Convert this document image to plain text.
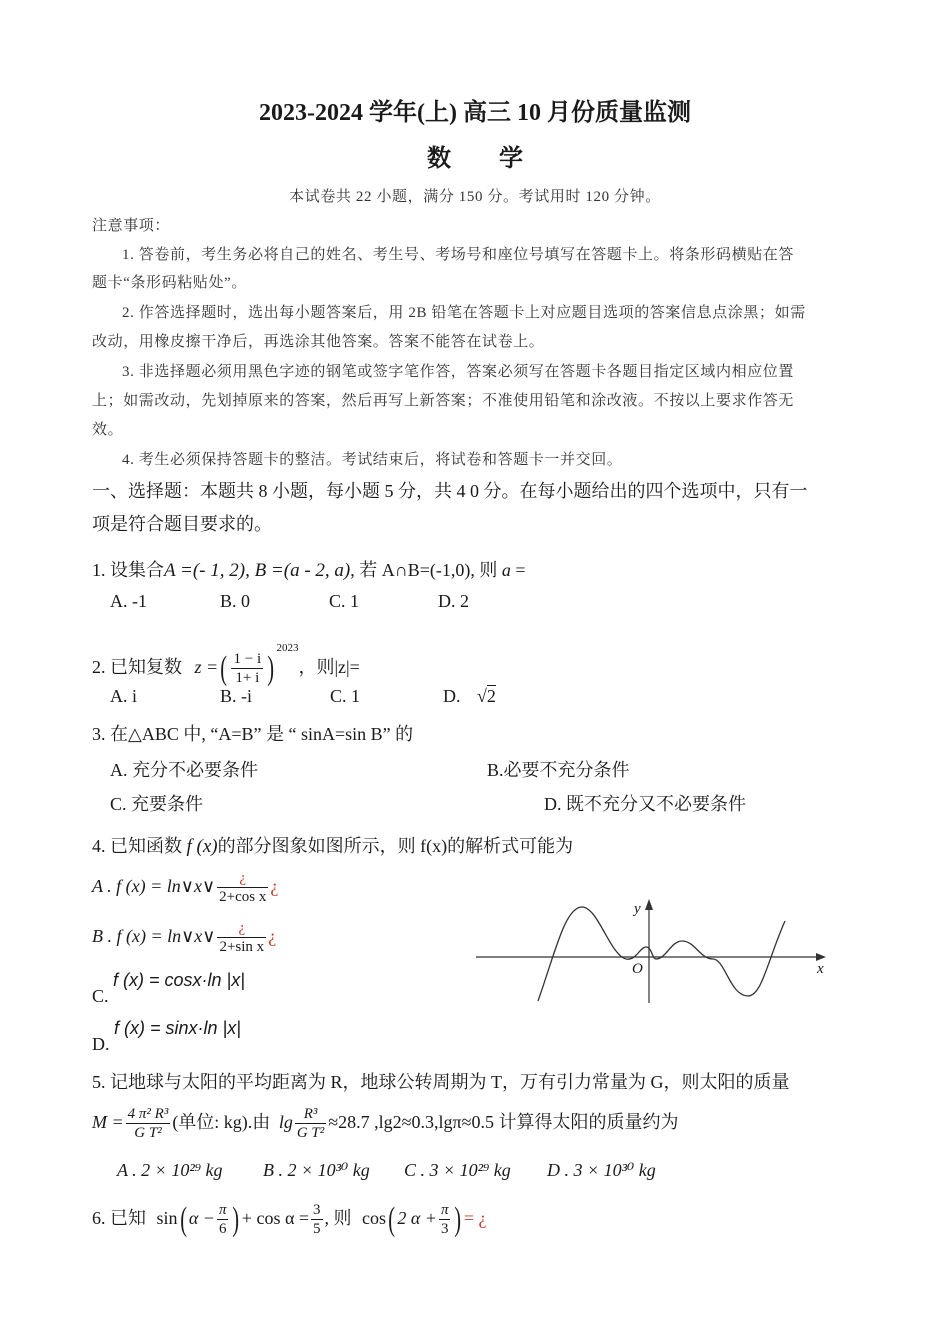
2023-2024 学年(上) 高三 10 月份质量监测
数　　学
本试卷共 22 小题，满分 150 分。考试用时 120 分钟。
注意事项：
1. 答卷前，考生务必将自己的姓名、考生号、考场号和座位号填写在答题卡上。将条形码横贴在答
题卡“条形码粘贴处”。
2. 作答选择题时，选出每小题答案后，用 2B 铅笔在答题卡上对应题目选项的答案信息点涂黑；如需
改动，用橡皮擦干净后，再选涂其他答案。答案不能答在试卷上。
3. 非选择题必须用黑色字迹的钢笔或签字笔作答，答案必须写在答题卡各题目指定区域内相应位置
上；如需改动，先划掉原来的答案，然后再写上新答案；不准使用铅笔和涂改液。不按以上要求作答无
效。
4. 考生必须保持答题卡的整洁。考试结束后，将试卷和答题卡一并交回。
一、选择题：本题共 8 小题，每小题 5 分，共 4 0 分。在每小题给出的四个选项中，只有一
项是符合题目要求的。
1. 设集合A =(- 1, 2), B =(a - 2, a), 若 A∩B=(-1,0), 则 a =
A. -1	B. 0	C. 1	D. 2
2. 已知复数 z =( $\frac{1 - i}{1+ i} )^{2023}$，则|z|=
A. i	B. -i	C. 1	D. √2
3. 在△ABC 中, “A=B” 是 “ sinA=sin B” 的
A. 充分不必要条件	B.必要不充分条件
C. 充要条件	D. 既不充分又不必要条件
4. 已知函数 f (x)的部分图象如图所示，则 f(x)的解析式可能为
A . f (x) = ln∨x∨ $\frac{¿}{\text{2+cos x}}$ ¿
B . f (x) = ln∨x∨ $\frac{¿}{\text{2+sin x}}$ ¿
C. f (x) = cosx·ln |x|
D. f (x) = sinx·ln |x|
x
y
O
5. 记地球与太阳的平均距离为 R，地球公转周期为 T，万有引力常量为 G，则太阳的质量
$M = \frac{\text{4 π² R³}}{\text{G T²}}$ (单位: kg).由 $\lg \frac{\text{R³}}{\text{G T²}} \approx 28.7$ ,lg2≈0.3,lgπ≈0.5 计算得太阳的质量约为
A . 2 × 10²⁹ kg B . 2 × 10³⁰ kg C . 3 × 10²⁹ kg D . 3 × 10³⁰ kg
6. 已知 sin( $\alpha - \frac{\pi}{6}$ ) + $\cos \alpha = \frac{3}{5}$ , 则 cos( 2 $\alpha + \frac{\pi}{3}$ ) = ¿
